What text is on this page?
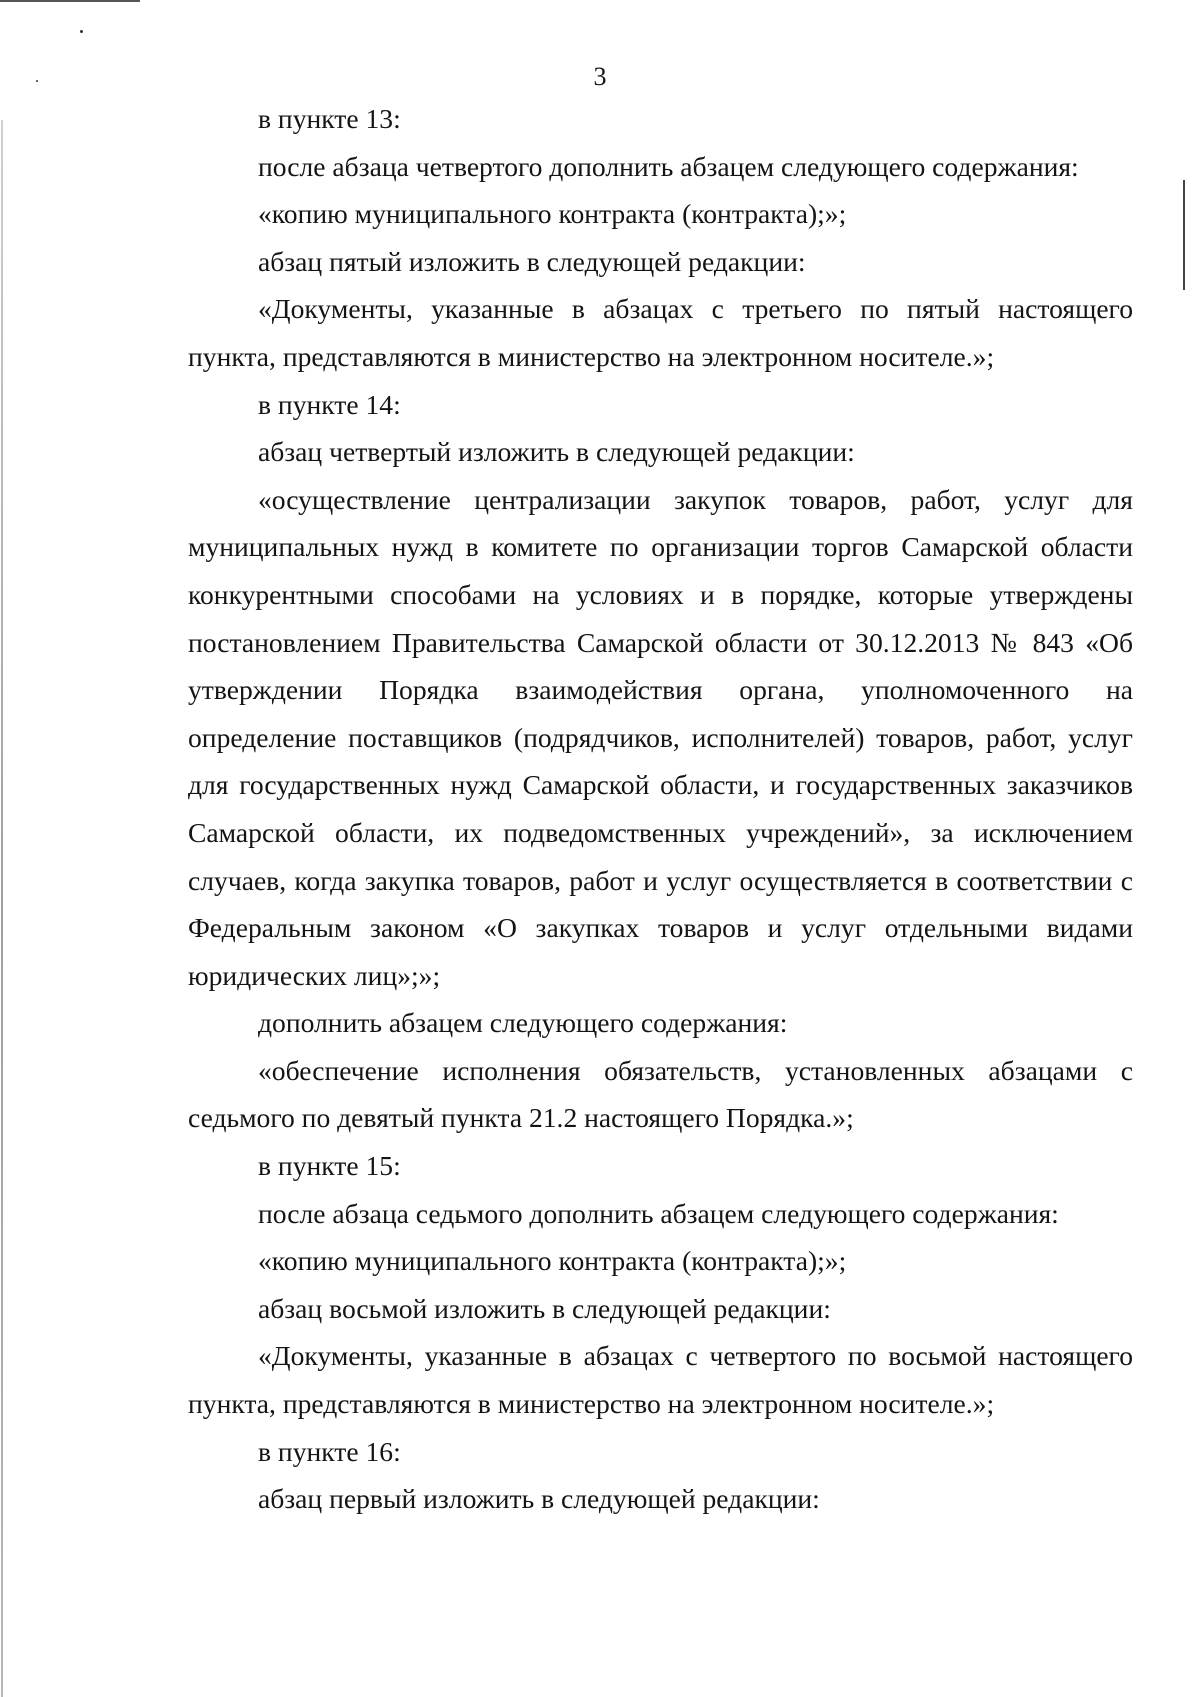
3

в пункте 13:

после абзаца четвертого дополнить абзацем следующего содержания:

«копию муниципального контракта (контракта);»;

абзац пятый изложить в следующей редакции:

«Документы, указанные в абзацах с третьего по пятый настоящего пункта, представляются в министерство на электронном носителе.»;

в пункте 14:

абзац четвертый изложить в следующей редакции:

«осуществление централизации закупок товаров, работ, услуг для муниципальных нужд в комитете по организации торгов Самарской области конкурентными способами на условиях и в порядке, которые утверждены постановлением Правительства Самарской области от 30.12.2013 № 843 «Об утверждении Порядка взаимодействия органа, уполномоченного на определение поставщиков (подрядчиков, исполнителей) товаров, работ, услуг для государственных нужд Самарской области, и государственных заказчиков Самарской области, их подведомственных учреждений», за исключением случаев, когда закупка товаров, работ и услуг осуществляется в соответствии с Федеральным законом «О закупках товаров и услуг отдельными видами юридических лиц»;»;

дополнить абзацем следующего содержания:

«обеспечение исполнения обязательств, установленных абзацами с седьмого по девятый пункта 21.2 настоящего Порядка.»;

в пункте 15:

после абзаца седьмого дополнить абзацем следующего содержания:

«копию муниципального контракта (контракта);»;

абзац восьмой изложить в следующей редакции:

«Документы, указанные в абзацах с четвертого по восьмой настоящего пункта, представляются в министерство на электронном носителе.»;

в пункте 16:

абзац первый изложить в следующей редакции:
